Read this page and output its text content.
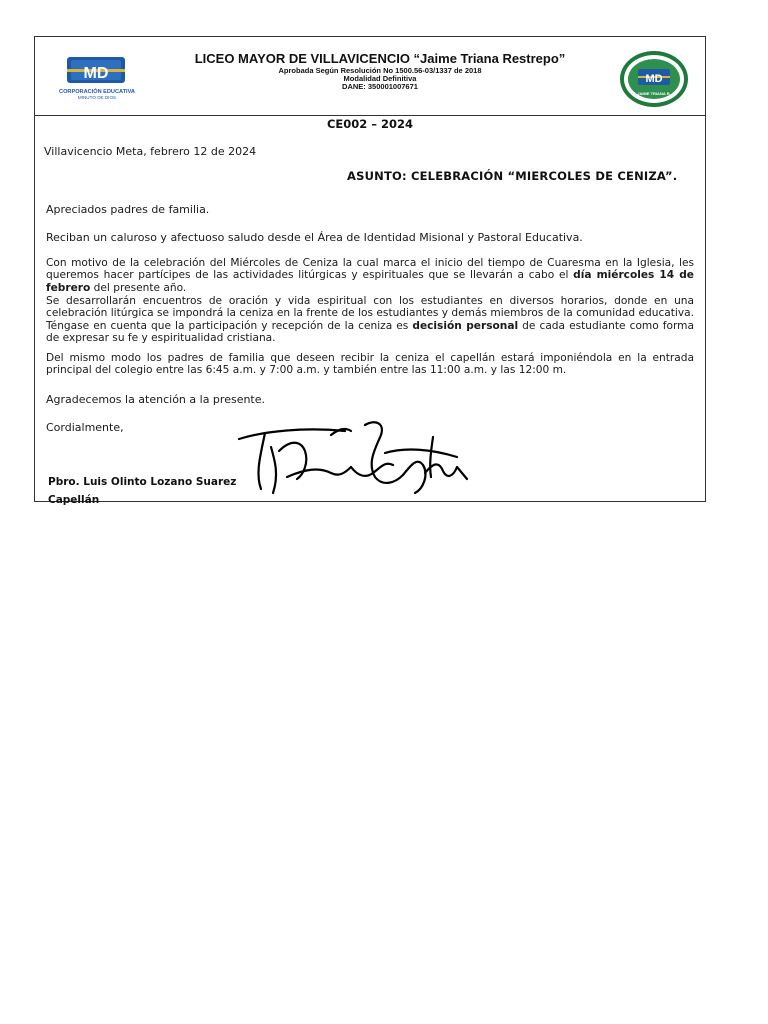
MD
CORPORACIÓN EDUCATIVA
MINUTO DE DIOS
LICEO MAYOR DE VILLAVICENCIO “Jaime Triana Restrepo”
Aprobada Según Resolución No 1500.56-03/1337 de 2018
Modalidad Definitiva
DANE: 350001007671
CEO MAYOR DE VILLAVICENC
MD
JAIME TRIANA R.
CE002 – 2024
Villavicencio Meta, febrero 12 de 2024
ASUNTO: CELEBRACIÓN “MIERCOLES DE CENIZA”.
Apreciados padres de familia.
Reciban un caluroso y afectuoso saludo desde el Área de Identidad Misional y Pastoral Educativa.
Con motivo de la celebración del Miércoles de Ceniza la cual marca el inicio del tiempo de Cuaresma en la Iglesia, les queremos hacer partícipes de las actividades litúrgicas y espirituales que se llevarán a cabo el día miércoles 14 de febrero del presente año.
Se desarrollarán encuentros de oración y vida espiritual con los estudiantes en diversos horarios, donde en una celebración litúrgica se impondrá la ceniza en la frente de los estudiantes y demás miembros de la comunidad educativa. Téngase en cuenta que la participación y recepción de la ceniza es decisión personal de cada estudiante como forma de expresar su fe y espiritualidad cristiana.
Del mismo modo los padres de familia que deseen recibir la ceniza el capellán estará imponiéndola en la entrada principal del colegio entre las 6:45 a.m. y 7:00 a.m. y también entre las 11:00 a.m. y las 12:00 m.
Agradecemos la atención a la presente.
Cordialmente,
Pbro. Luis Olinto Lozano Suarez
Capellán
